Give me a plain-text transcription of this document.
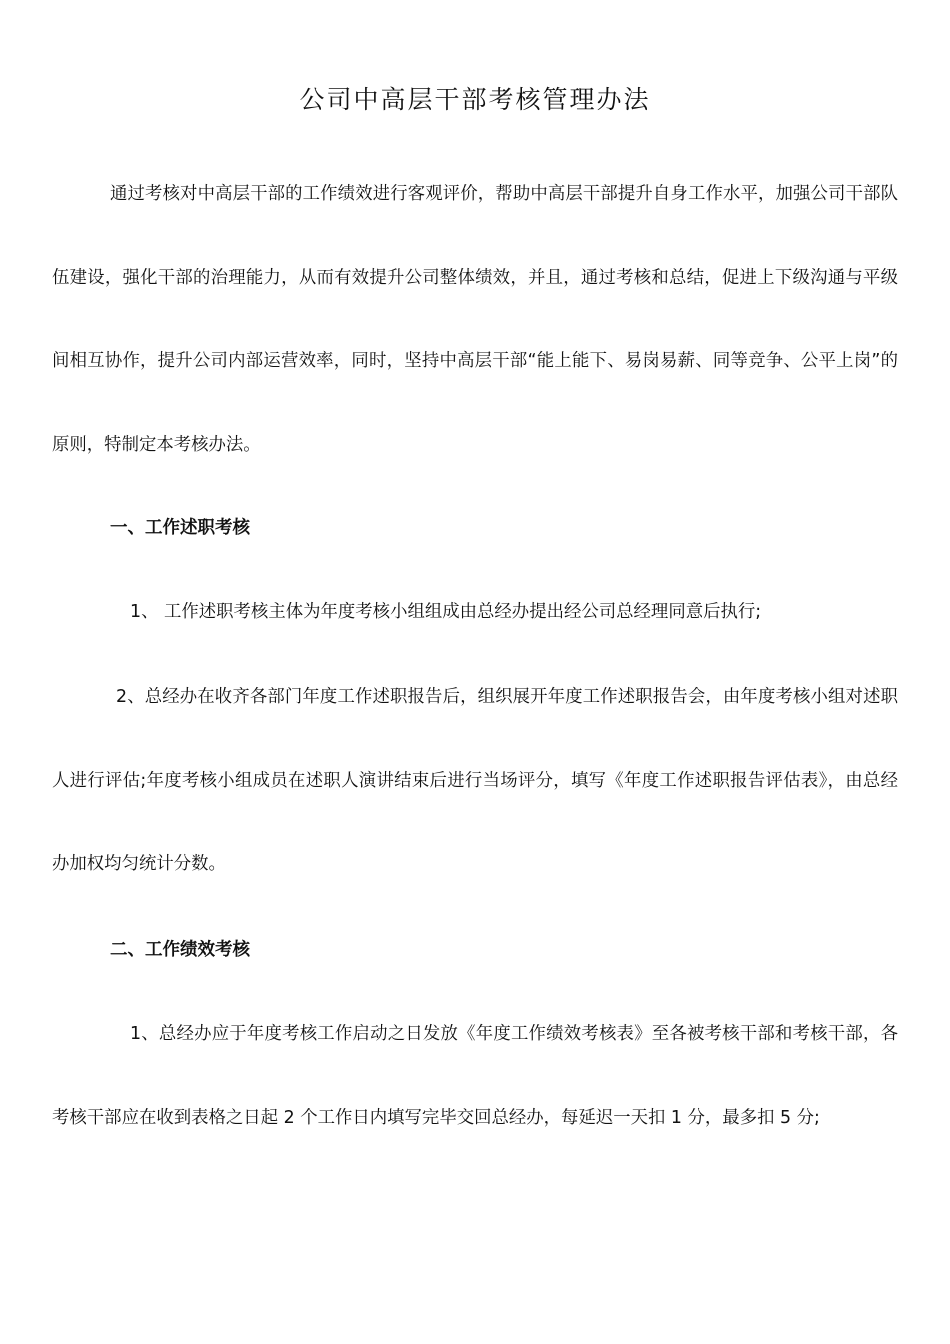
公司中高层干部考核管理办法

通过考核对中高层干部的工作绩效进行客观评价，帮助中高层干部提升自身工作水平，加强公司干部队伍建设，强化干部的治理能力，从而有效提升公司整体绩效，并且，通过考核和总结，促进上下级沟通与平级间相互协作，提升公司内部运营效率，同时，坚持中高层干部“能上能下、易岗易薪、同等竞争、公平上岗”的原则，特制定本考核办法。

一、工作述职考核

1、 工作述职考核主体为年度考核小组组成由总经办提出经公司总经理同意后执行;

2、总经办在收齐各部门年度工作述职报告后，组织展开年度工作述职报告会，由年度考核小组对述职人进行评估;年度考核小组成员在述职人演讲结束后进行当场评分，填写《年度工作述职报告评估表》，由总经办加权均匀统计分数。

二、工作绩效考核

1、总经办应于年度考核工作启动之日发放《年度工作绩效考核表》至各被考核干部和考核干部，各考核干部应在收到表格之日起 2 个工作日内填写完毕交回总经办，每延迟一天扣 1 分，最多扣 5 分;
